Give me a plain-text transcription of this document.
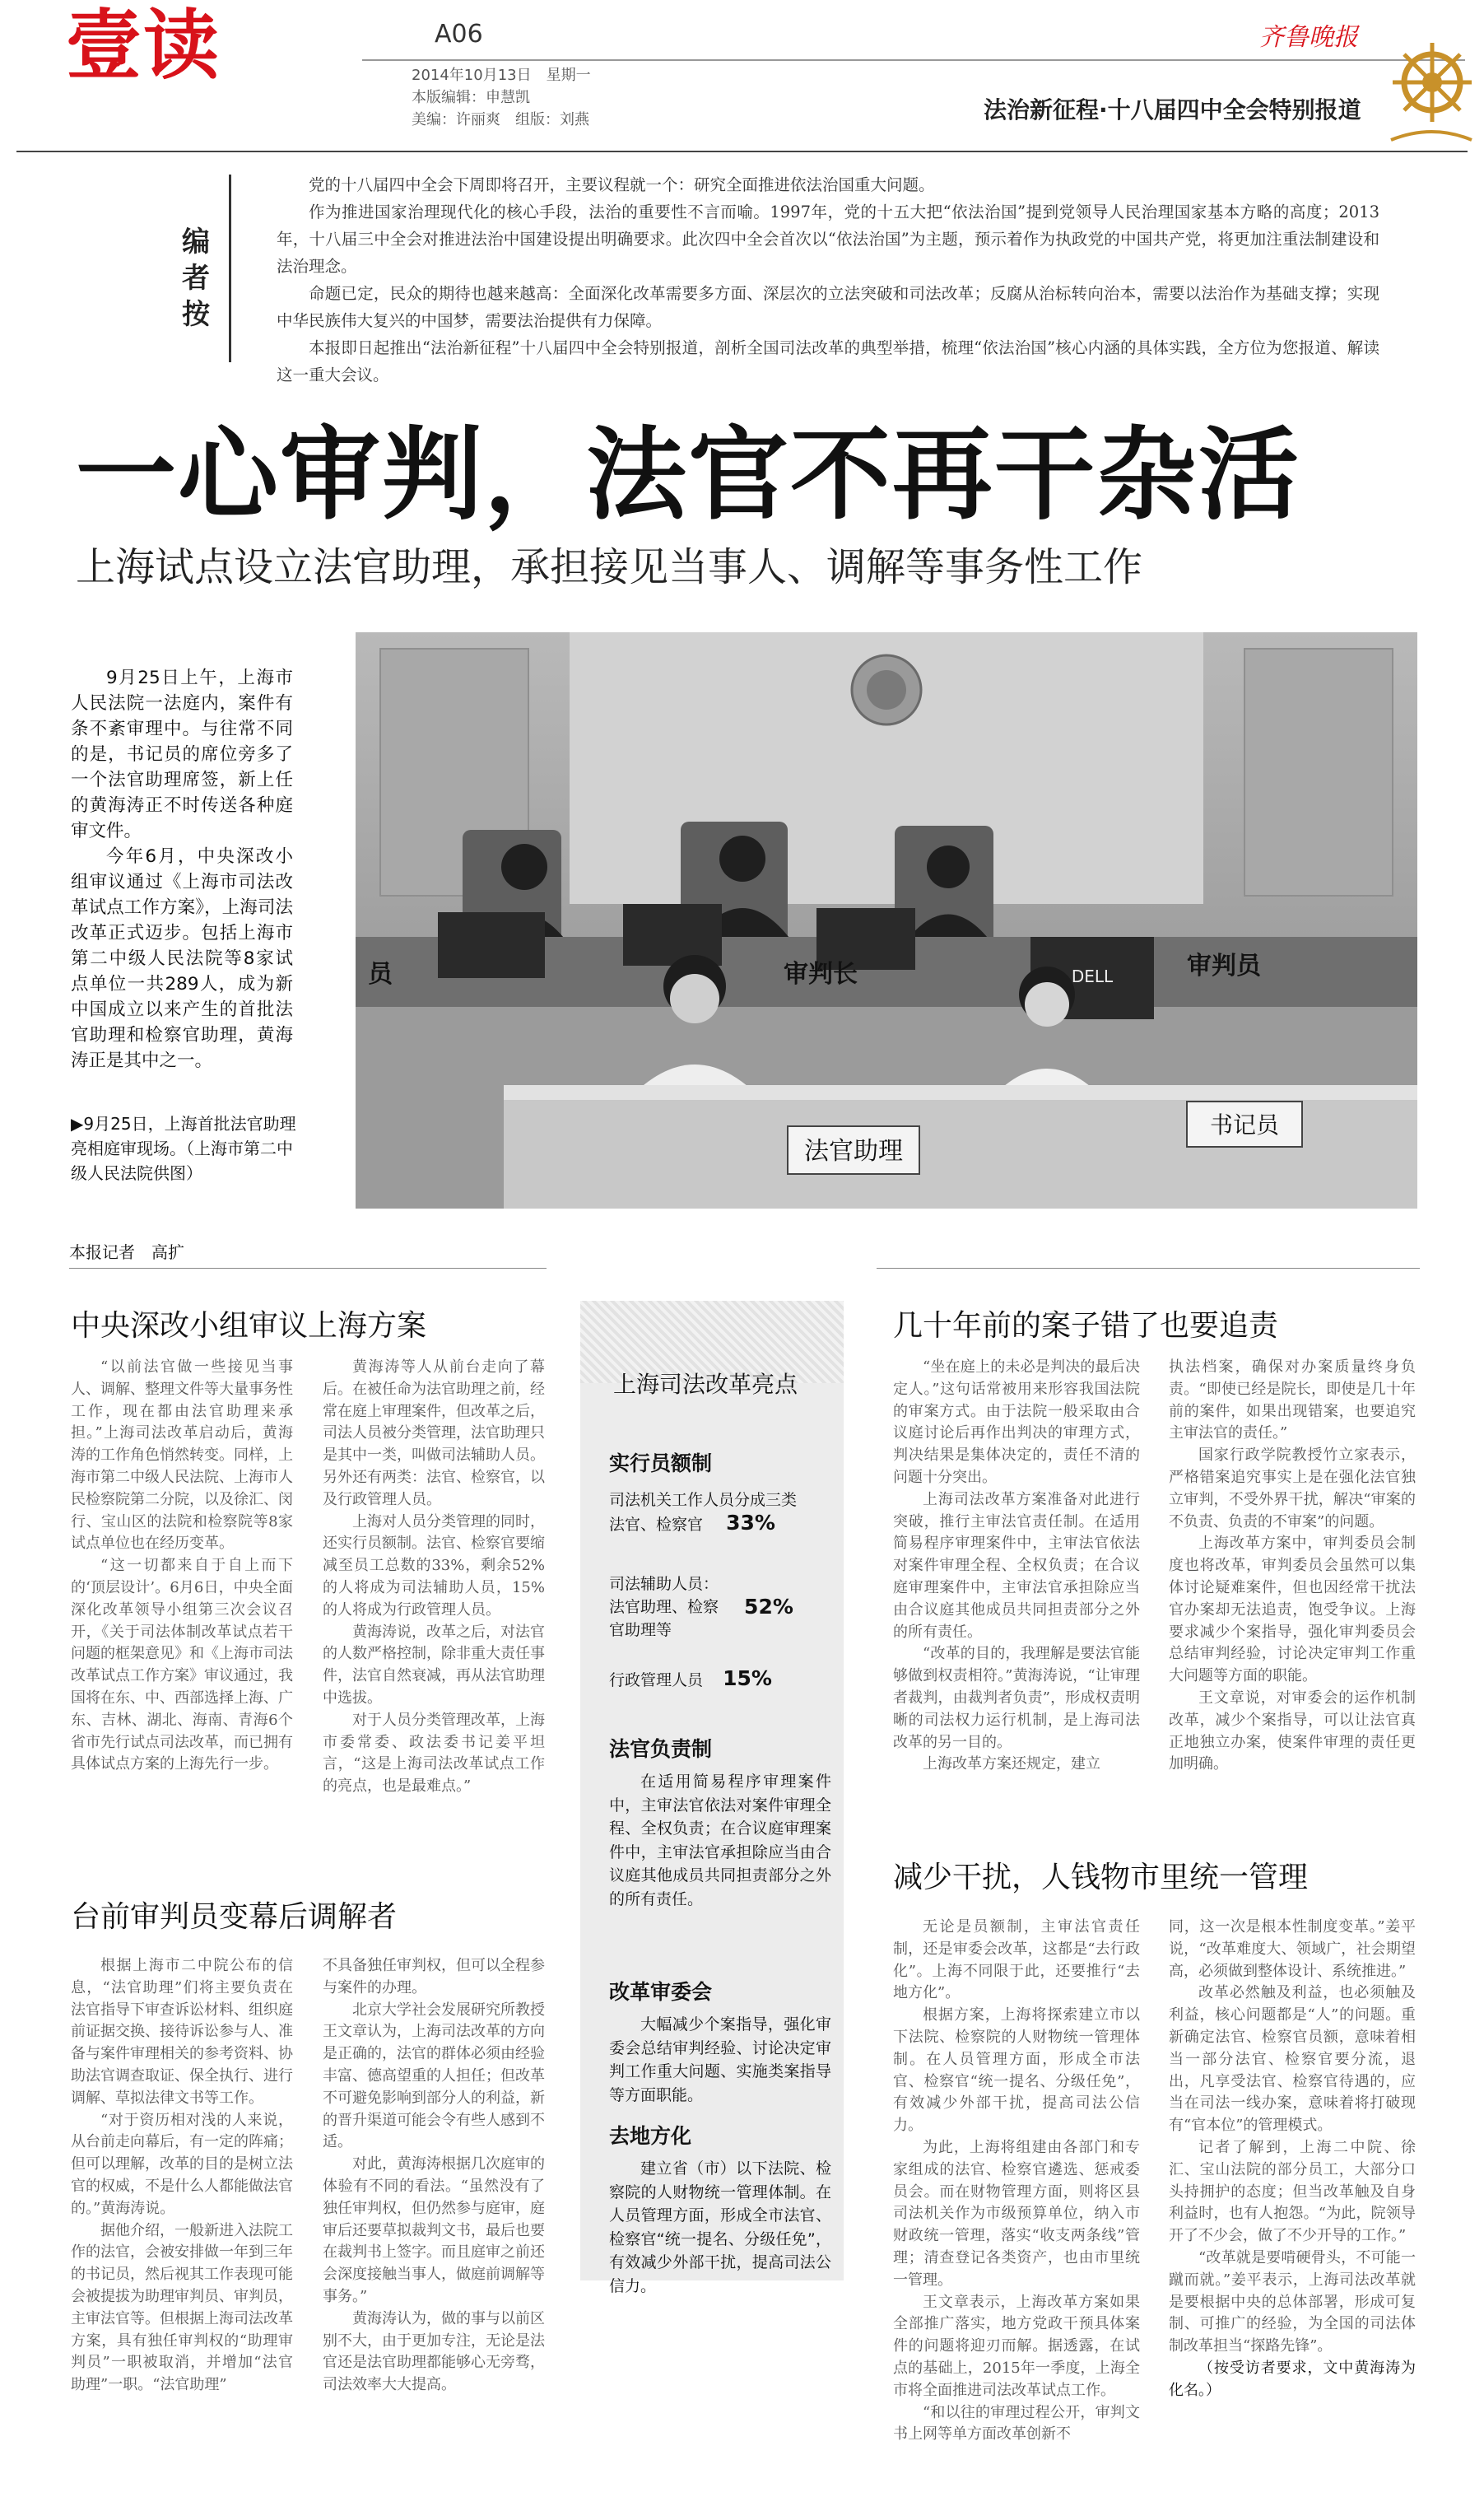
壹读	A06
2014年10月13日　星期一
本版编辑：申慧凯
美编：许丽爽　组版：刘燕
齐鲁晚报
法治新征程·十八届四中全会特别报道
编者按

党的十八届四中全会下周即将召开，主要议程就一个：研究全面推进依法治国重大问题。

作为推进国家治理现代化的核心手段，法治的重要性不言而喻。1997年，党的十五大把“依法治国”提到党领导人民治理国家基本方略的高度；2013年，十八届三中全会对推进法治中国建设提出明确要求。此次四中全会首次以“依法治国”为主题，预示着作为执政党的中国共产党，将更加注重法制建设和法治理念。

命题已定，民众的期待也越来越高：全面深化改革需要多方面、深层次的立法突破和司法改革；反腐从治标转向治本，需要以法治作为基础支撑；实现中华民族伟大复兴的中国梦，需要法治提供有力保障。

本报即日起推出“法治新征程”十八届四中全会特别报道，剖析全国司法改革的典型举措，梳理“依法治国”核心内涵的具体实践，全方位为您报道、解读这一重大会议。

一心审判，法官不再干杂活
上海试点设立法官助理，承担接见当事人、调解等事务性工作

9月25日上午，上海市人民法院一法庭内，案件有条不紊审理中。与往常不同的是，书记员的席位旁多了一个法官助理席签，新上任的黄海涛正不时传送各种庭审文件。

今年6月，中央深改小组审议通过《上海市司法改革试点工作方案》，上海司法改革正式迈步。包括上海市第二中级人民法院等8家试点单位一共289人，成为新中国成立以来产生的首批法官助理和检察官助理，黄海涛正是其中之一。

▶9月25日，上海首批法官助理亮相庭审现场。（上海市第二中级人民法院供图）
DELL
员	审判长	审判员
法官助理
书记员
本报记者　高扩
中央深改小组审议上海方案

“以前法官做一些接见当事人、调解、整理文件等大量事务性工作，现在都由法官助理来承担。”上海司法改革启动后，黄海涛的工作角色悄然转变。同样，上海市第二中级人民法院、上海市人民检察院第二分院，以及徐汇、闵行、宝山区的法院和检察院等8家试点单位也在经历变革。

“这一切都来自于自上而下的‘顶层设计’。6月6日，中央全面深化改革领导小组第三次会议召开，《关于司法体制改革试点若干问题的框架意见》和《上海市司法改革试点工作方案》审议通过，我国将在东、中、西部选择上海、广东、吉林、湖北、海南、青海6个省市先行试点司法改革，而已拥有具体试点方案的上海先行一步。

黄海涛等人从前台走向了幕后。在被任命为法官助理之前，经常在庭上审理案件，但改革之后，司法人员被分类管理，法官助理只是其中一类，叫做司法辅助人员。另外还有两类：法官、检察官，以及行政管理人员。

上海对人员分类管理的同时，还实行员额制。法官、检察官要缩减至员工总数的33%，剩余52%的人将成为司法辅助人员，15%的人将成为行政管理人员。

黄海涛说，改革之后，对法官的人数严格控制，除非重大责任事件，法官自然衰减，再从法官助理中选拔。

对于人员分类管理改革，上海市委常委、政法委书记姜平坦言，“这是上海司法改革试点工作的亮点，也是最难点。”

台前审判员变幕后调解者

根据上海市二中院公布的信息，“法官助理”们将主要负责在法官指导下审查诉讼材料、组织庭前证据交换、接待诉讼参与人、准备与案件审理相关的参考资料、协助法官调查取证、保全执行、进行调解、草拟法律文书等工作。

“对于资历相对浅的人来说，从台前走向幕后，有一定的阵痛；但可以理解，改革的目的是树立法官的权威，不是什么人都能做法官的。”黄海涛说。

据他介绍，一般新进入法院工作的法官，会被安排做一年到三年的书记员，然后视其工作表现可能会被提拔为助理审判员、审判员，主审法官等。但根据上海司法改革方案，具有独任审判权的“助理审判员”一职被取消，并增加“法官助理”一职。“法官助理”

不具备独任审判权，但可以全程参与案件的办理。

北京大学社会发展研究所教授王文章认为，上海司法改革的方向是正确的，法官的群体必须由经验丰富、德高望重的人担任；但改革不可避免影响到部分人的利益，新的晋升渠道可能会令有些人感到不适。

对此，黄海涛根据几次庭审的体验有不同的看法。“虽然没有了独任审判权，但仍然参与庭审，庭审后还要草拟裁判文书，最后也要在裁判书上签字。而且庭审之前还会深度接触当事人，做庭前调解等事务。”

黄海涛认为，做的事与以前区别不大，由于更加专注，无论是法官还是法官助理都能够心无旁骛，司法效率大大提高。

上海司法改革亮点
实行员额制
司法机关工作人员分成三类
法官、检察官 33%
司法辅助人员：法官助理、检察官助理等 52%
行政管理人员 15%
法官负责制

在适用简易程序审理案件中，主审法官依法对案件审理全程、全权负责；在合议庭审理案件中，主审法官承担除应当由合议庭其他成员共同担责部分之外的所有责任。

改革审委会

大幅减少个案指导，强化审委会总结审判经验、讨论决定审判工作重大问题、实施类案指导等方面职能。

去地方化

建立省（市）以下法院、检察院的人财物统一管理体制。在人员管理方面，形成全市法官、检察官“统一提名、分级任免”，有效减少外部干扰，提高司法公信力。

几十年前的案子错了也要追责

“坐在庭上的未必是判决的最后决定人。”这句话常被用来形容我国法院的审案方式。由于法院一般采取由合议庭讨论后再作出判决的审理方式，判决结果是集体决定的，责任不清的问题十分突出。

上海司法改革方案准备对此进行突破，推行主审法官责任制。在适用简易程序审理案件中，主审法官依法对案件审理全程、全权负责；在合议庭审理案件中，主审法官承担除应当由合议庭其他成员共同担责部分之外的所有责任。

“改革的目的，我理解是要法官能够做到权责相符。”黄海涛说，“让审理者裁判，由裁判者负责”，形成权责明晰的司法权力运行机制，是上海司法改革的另一目的。

上海改革方案还规定，建立

执法档案，确保对办案质量终身负责。“即使已经是院长，即使是几十年前的案件，如果出现错案，也要追究主审法官的责任。”

国家行政学院教授竹立家表示，严格错案追究事实上是在强化法官独立审判，不受外界干扰，解决“审案的不负责、负责的不审案”的问题。

上海改革方案中，审判委员会制度也将改革，审判委员会虽然可以集体讨论疑难案件，但也因经常干扰法官办案却无法追责，饱受争议。上海要求减少个案指导，强化审判委员会总结审判经验，讨论决定审判工作重大问题等方面的职能。

王文章说，对审委会的运作机制改革，减少个案指导，可以让法官真正地独立办案，使案件审理的责任更加明确。

减少干扰，人钱物市里统一管理

无论是员额制，主审法官责任制，还是审委会改革，这都是“去行政化”。上海不同限于此，还要推行“去地方化”。

根据方案，上海将探索建立市以下法院、检察院的人财物统一管理体制。在人员管理方面，形成全市法官、检察官“统一提名、分级任免”，有效减少外部干扰，提高司法公信力。

为此，上海将组建由各部门和专家组成的法官、检察官遴选、惩戒委员会。而在财物管理方面，则将区县司法机关作为市级预算单位，纳入市财政统一管理，落实“收支两条线”管理；清查登记各类资产，也由市里统一管理。

王文章表示，上海改革方案如果全部推广落实，地方党政干预具体案件的问题将迎刃而解。据透露，在试点的基础上，2015年一季度，上海全市将全面推进司法改革试点工作。

“和以往的审理过程公开，审判文书上网等单方面改革创新不

同，这一次是根本性制度变革。”姜平说，“改革难度大、领域广，社会期望高，必须做到整体设计、系统推进。”

改革必然触及利益，也必须触及利益，核心问题都是“人”的问题。重新确定法官、检察官员额，意味着相当一部分法官、检察官要分流，退出，凡享受法官、检察官待遇的，应当在司法一线办案，意味着将打破现有“官本位”的管理模式。

记者了解到，上海二中院、徐汇、宝山法院的部分员工，大部分口头持拥护的态度；但当改革触及自身利益时，也有人抱怨。“为此，院领导开了不少会，做了不少开导的工作。”

“改革就是要啃硬骨头，不可能一蹴而就。”姜平表示，上海司法改革就是要根据中央的总体部署，形成可复制、可推广的经验，为全国的司法体制改革担当“探路先锋”。

（按受访者要求，文中黄海涛为化名。）
